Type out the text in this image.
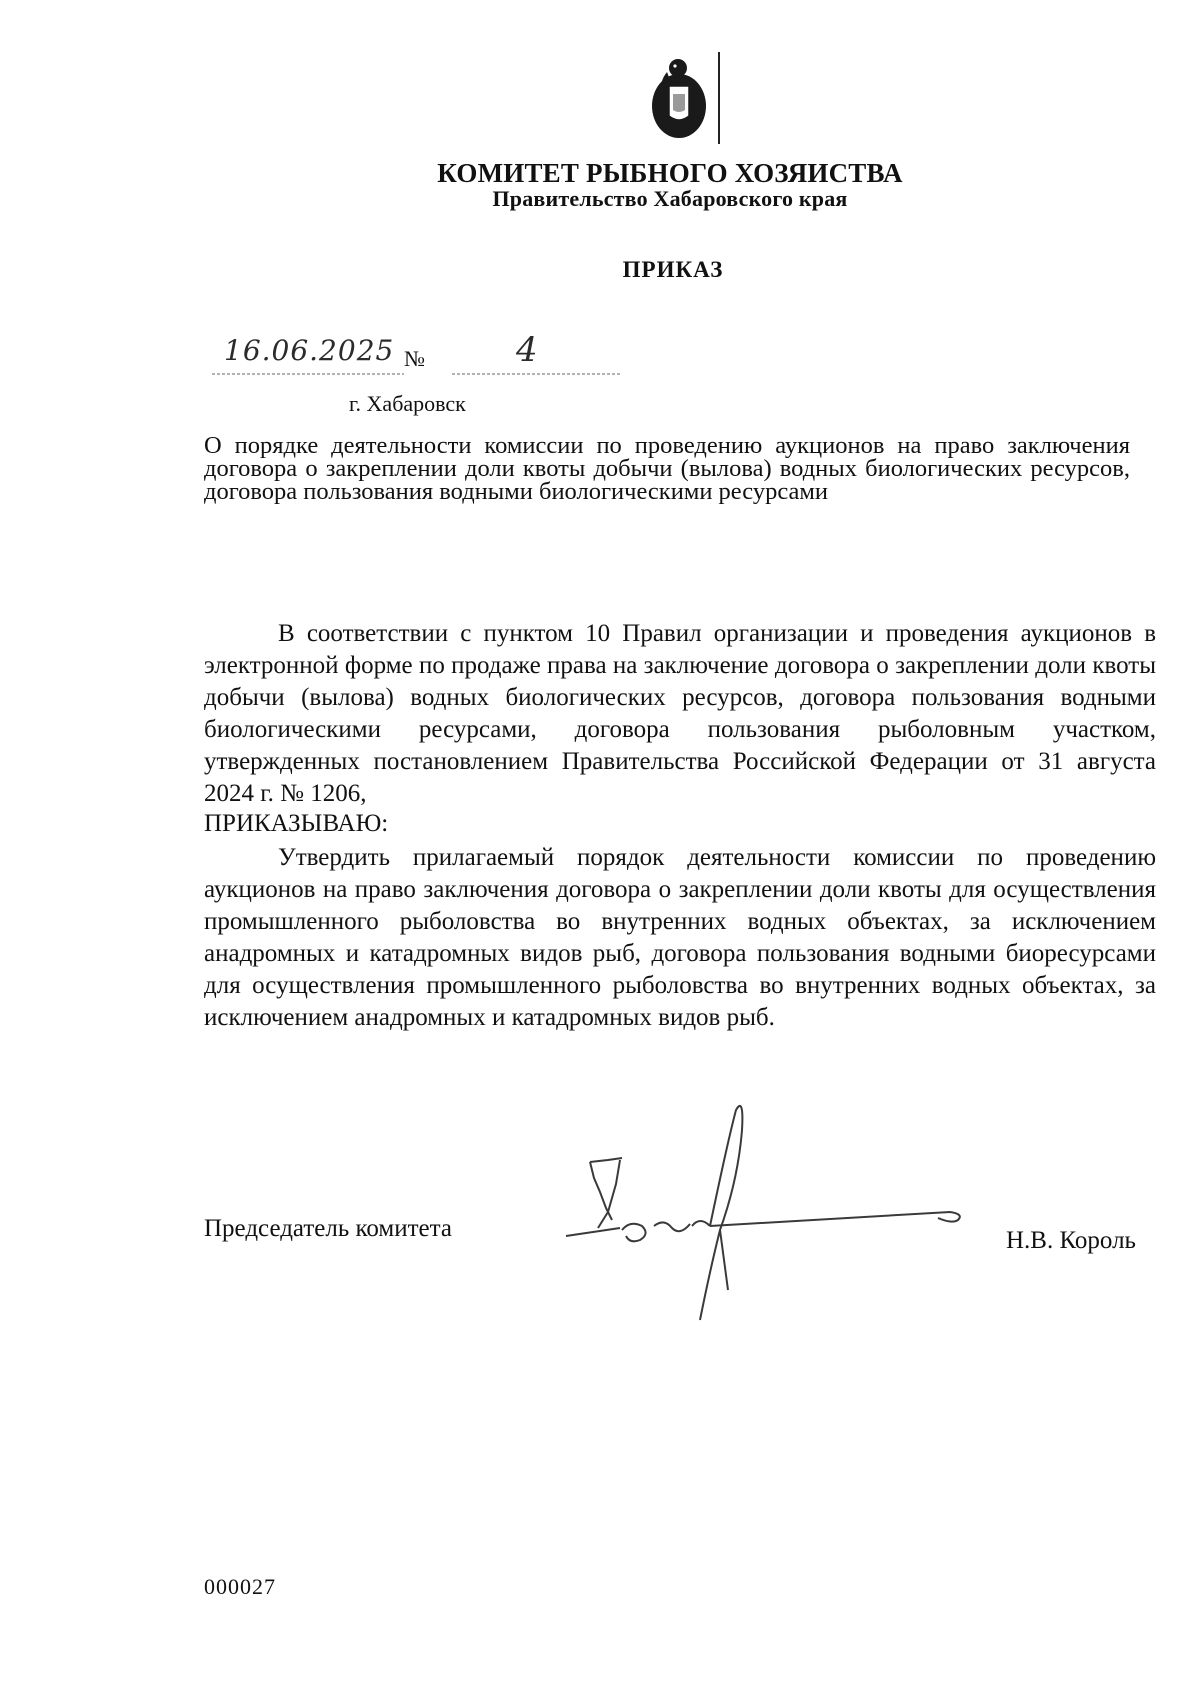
КОМИТЕТ РЫБНОГО ХОЗЯИСТВА
Правительство Хабаровского края
ПРИКАЗ
16.06.2025 №	4
г. Хабаровск
О порядке деятельности комиссии по проведению аукционов на право заключения договора о закреплении доли квоты добычи (вылова) водных биологических ресурсов, договора пользования водными биологическими ресурсами
В соответствии с пунктом 10 Правил организации и проведения аукционов в электронной форме по продаже права на заключение договора о закреплении доли квоты добычи (вылова) водных биологических ресурсов, договора пользования водными биологическими ресурсами, договора пользования рыболовным участком, утвержденных постановлением Правительства Российской Федерации от 31 августа 2024 г. № 1206,
ПРИКАЗЫВАЮ:
Утвердить прилагаемый порядок деятельности комиссии по проведению аукционов на право заключения договора о закреплении доли квоты для осуществления промышленного рыболовства во внутренних водных объектах, за исключением анадромных и катадромных видов рыб, договора пользования водными биоресурсами для осуществления промышленного рыболовства во внутренних водных объектах, за исключением анадромных и катадромных видов рыб.
Председатель комитета	Н.В. Король
000027
